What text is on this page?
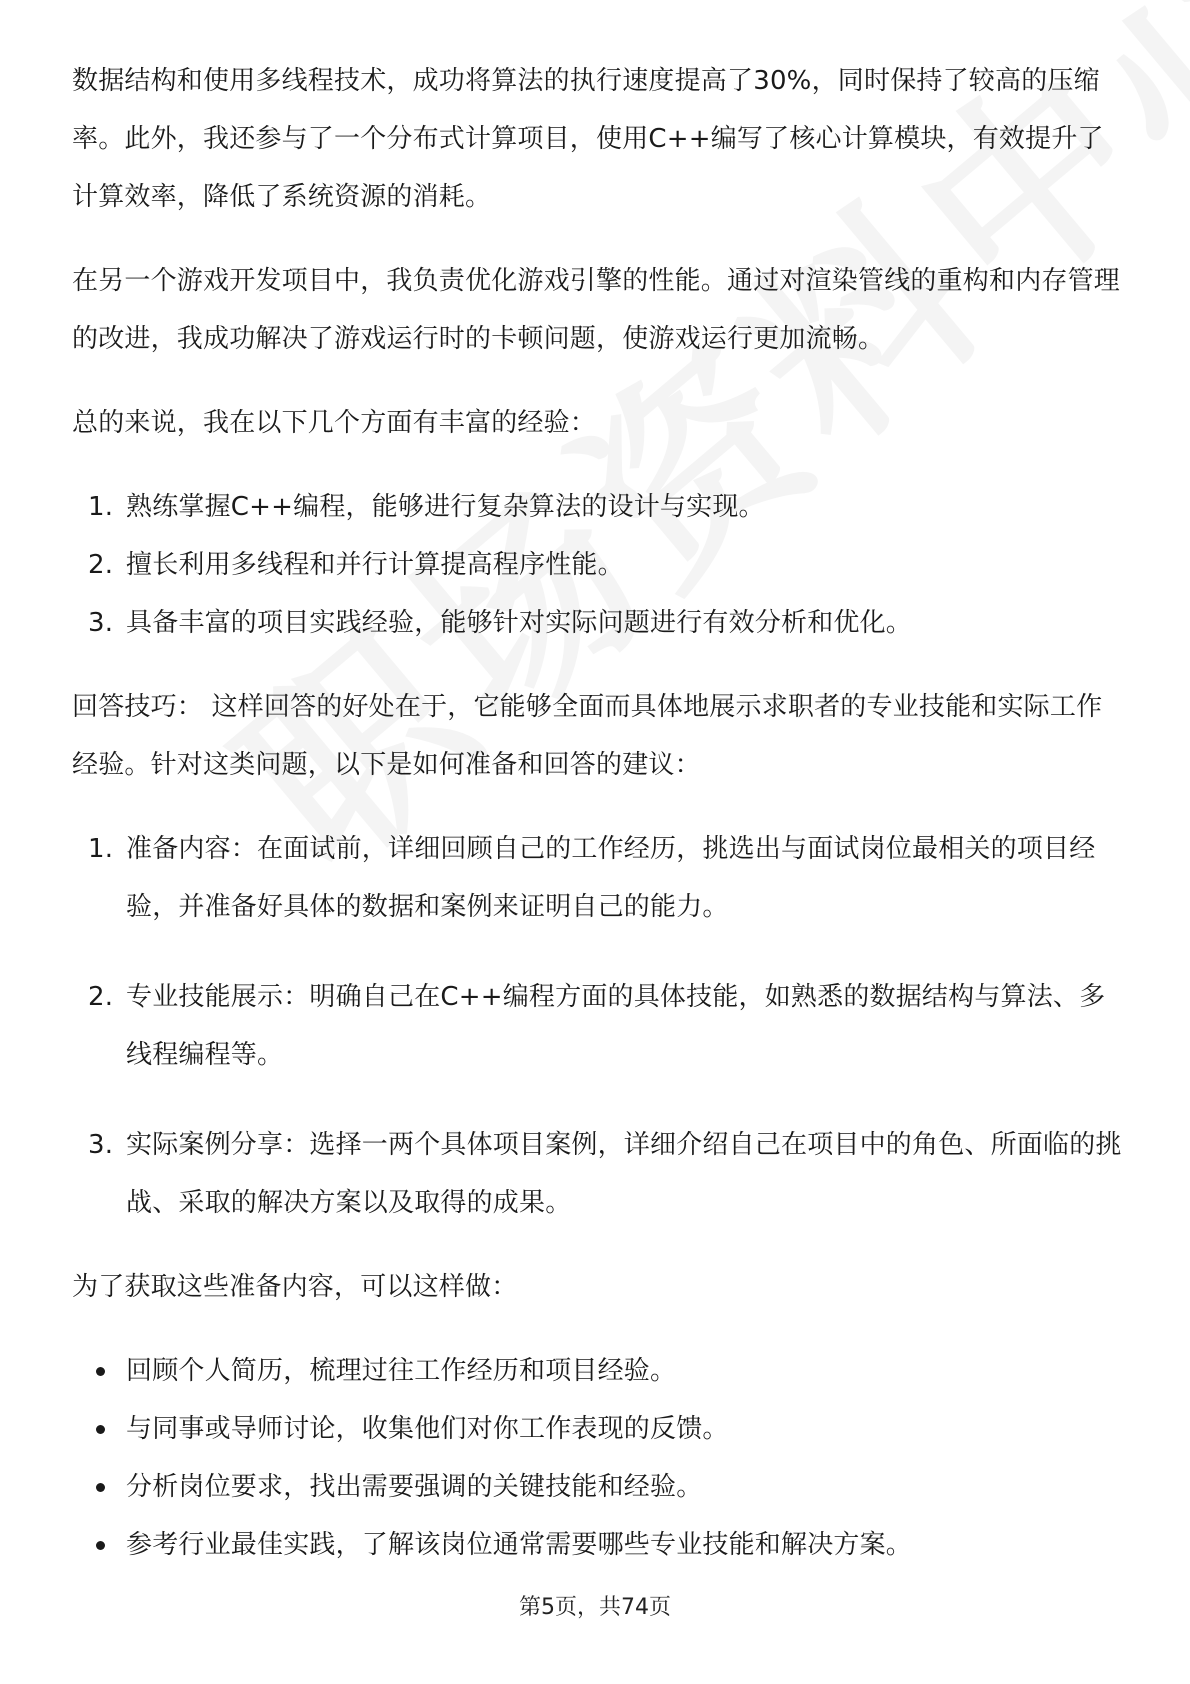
数据结构和使用多线程技术，成功将算法的执行速度提高了30%，同时保持了较高的压缩率。此外，我还参与了一个分布式计算项目，使用C++编写了核心计算模块，有效提升了计算效率，降低了系统资源的消耗。

在另一个游戏开发项目中，我负责优化游戏引擎的性能。通过对渲染管线的重构和内存管理的改进，我成功解决了游戏运行时的卡顿问题，使游戏运行更加流畅。

总的来说，我在以下几个方面有丰富的经验：

1. 熟练掌握C++编程，能够进行复杂算法的设计与实现。
2. 擅长利用多线程和并行计算提高程序性能。
3. 具备丰富的项目实践经验，能够针对实际问题进行有效分析和优化。

回答技巧： 这样回答的好处在于，它能够全面而具体地展示求职者的专业技能和实际工作经验。针对这类问题，以下是如何准备和回答的建议：

1. 准备内容：在面试前，详细回顾自己的工作经历，挑选出与面试岗位最相关的项目经验，并准备好具体的数据和案例来证明自己的能力。
2. 专业技能展示：明确自己在C++编程方面的具体技能，如熟悉的数据结构与算法、多线程编程等。
3. 实际案例分享：选择一两个具体项目案例，详细介绍自己在项目中的角色、所面临的挑战、采取的解决方案以及取得的成果。

为了获取这些准备内容，可以这样做：

回顾个人简历，梳理过往工作经历和项目经验。
与同事或导师讨论，收集他们对你工作表现的反馈。
分析岗位要求，找出需要强调的关键技能和经验。
参考行业最佳实践，了解该岗位通常需要哪些专业技能和解决方案。
第5页，共74页
